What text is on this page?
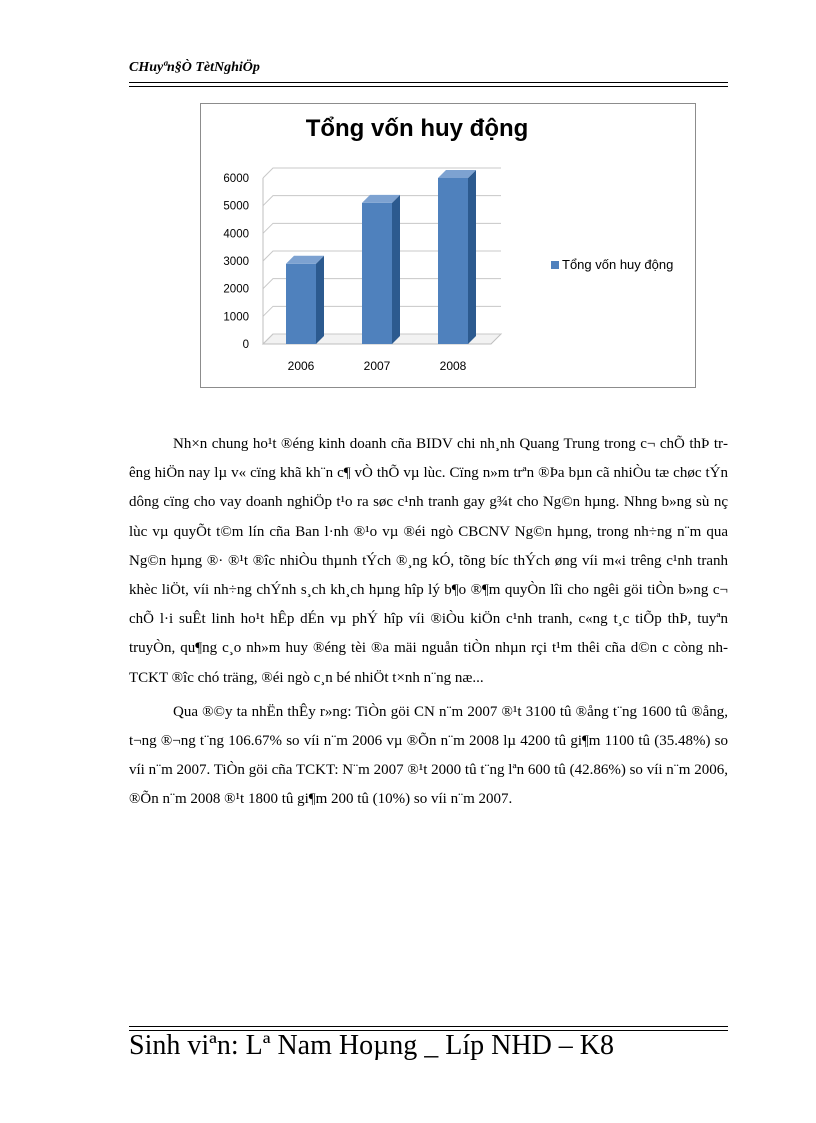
CHuyªn§Ò TètNghiÖp
Tổng vốn huy động
0
1000
2000
3000
4000
5000
6000
2006	2007	2008
Tổng vốn huy động

Nh×n chung ho¹t ®éng kinh doanh cña BIDV chi nh¸nh Quang Trung trong c¬ chÕ thÞ trêng hiÖn nay lµ v« cïng khã kh¨n c¶ vÒ thÕ vµ lùc. Cïng n»m trªn ®Þa bµn cã nhiÒu tæ chøc tÝn dông cïng cho vay doanh nghiÖp t¹o ra søc c¹nh tranh gay g¾t cho Ng©n hµng. Nhng b»ng sù nç lùc vµ quyÕt t©m lín cña Ban l·nh ®¹o vµ ®éi ngò CBCNV Ng©n hµng, trong nh÷ng n¨m qua Ng©n hµng ®· ®¹t ®îc nhiÒu thµnh tÝch ®¸ng kÓ, tõng bíc thÝch øng víi m«i trêng c¹nh tranh khèc liÖt, víi nh÷ng chÝnh s¸ch kh¸ch hµng hîp lý b¶o ®¶m quyÒn lîi cho ngêi göi tiÒn b»ng c¬ chÕ l·i suÊt linh ho¹t hÊp dÉn vµ phÝ hîp víi ®iÒu kiÖn c¹nh tranh, c«ng t¸c tiÕp thÞ, tuyªn truyÒn, qu¶ng c¸o nh»m huy ®éng tèi ®a mäi nguån tiÒn nhµn rçi t¹m thêi cña d©n c còng nh TCKT ®îc chó träng, ®éi ngò c¸n bé nhiÖt t×nh n¨ng næ...

Qua ®©y ta nhËn thÊy r»ng: TiÒn göi CN n¨m 2007 ®¹t 3100 tû ®ång t¨ng 1600 tû ®ång, t¬ng ®¬ng t¨ng 106.67% so víi n¨m 2006 vµ ®Õn n¨m 2008 lµ 4200 tû gi¶m 1100 tû (35.48%) so víi n¨m 2007. TiÒn göi cña TCKT: N¨m 2007 ®¹t 2000 tû t¨ng lªn 600 tû (42.86%) so víi n¨m 2006, ®Õn n¨m 2008 ®¹t 1800 tû gi¶m 200 tû (10%) so víi n¨m 2007.

Sinh viªn: Lª Nam Hoµng _ Líp NHD – K8
